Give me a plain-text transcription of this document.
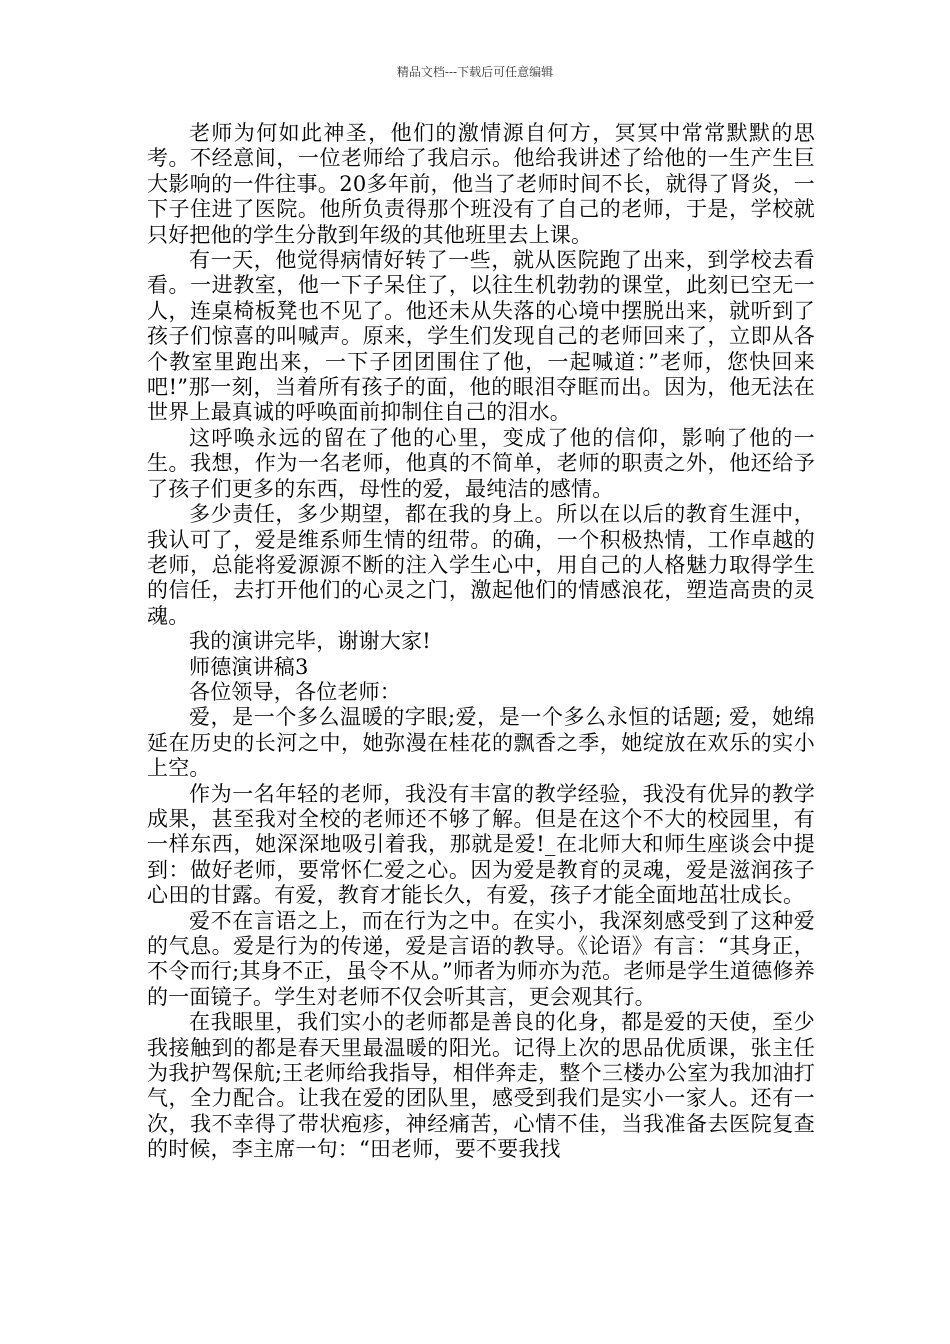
精品文档---下载后可任意编辑

老师为何如此神圣，他们的激情源自何方，冥冥中常常默默的思考。不经意间，一位老师给了我启示。他给我讲述了给他的一生产生巨大影响的一件往事。20多年前，他当了老师时间不长，就得了肾炎，一下子住进了医院。他所负责得那个班没有了自己的老师，于是，学校就只好把他的学生分散到年级的其他班里去上课。

有一天，他觉得病情好转了一些，就从医院跑了出来，到学校去看看。一进教室，他一下子呆住了，以往生机勃勃的课堂，此刻已空无一人，连桌椅板凳也不见了。他还未从失落的心境中摆脱出来，就听到了孩子们惊喜的叫喊声。原来，学生们发现自己的老师回来了，立即从各个教室里跑出来，一下子团团围住了他，一起喊道：”老师，您快回来吧!”那一刻，当着所有孩子的面，他的眼泪夺眶而出。因为，他无法在世界上最真诚的呼唤面前抑制住自己的泪水。

这呼唤永远的留在了他的心里，变成了他的信仰，影响了他的一生。我想，作为一名老师，他真的不简单，老师的职责之外，他还给予了孩子们更多的东西，母性的爱，最纯洁的感情。

多少责任，多少期望，都在我的身上。所以在以后的教育生涯中，我认可了，爱是维系师生情的纽带。的确，一个积极热情，工作卓越的老师，总能将爱源源不断的注入学生心中，用自己的人格魅力取得学生的信任，去打开他们的心灵之门，激起他们的情感浪花，塑造高贵的灵魂。

我的演讲完毕，谢谢大家!

师德演讲稿3

各位领导，各位老师：

爱，是一个多么温暖的字眼;爱，是一个多么永恒的话题; 爱，她绵延在历史的长河之中，她弥漫在桂花的飘香之季，她绽放在欢乐的实小上空。

作为一名年轻的老师，我没有丰富的教学经验，我没有优异的教学成果，甚至我对全校的老师还不够了解。但是在这个不大的校园里，有一样东西，她深深地吸引着我，那就是爱!_在北师大和师生座谈会中提到：做好老师，要常怀仁爱之心。因为爱是教育的灵魂，爱是滋润孩子心田的甘露。有爱，教育才能长久，有爱，孩子才能全面地茁壮成长。

爱不在言语之上，而在行为之中。在实小，我深刻感受到了这种爱的气息。爱是行为的传递，爱是言语的教导。《论语》有言：“其身正，不令而行;其身不正，虽令不从。”师者为师亦为范。老师是学生道德修养的一面镜子。学生对老师不仅会听其言，更会观其行。

在我眼里，我们实小的老师都是善良的化身，都是爱的天使，至少我接触到的都是春天里最温暖的阳光。记得上次的思品优质课，张主任为我护驾保航;王老师给我指导，相伴奔走，整个三楼办公室为我加油打气，全力配合。让我在爱的团队里，感受到我们是实小一家人。还有一次，我不幸得了带状疱疹，神经痛苦，心情不佳，当我准备去医院复查的时候，李主席一句：“田老师，要不要我找
